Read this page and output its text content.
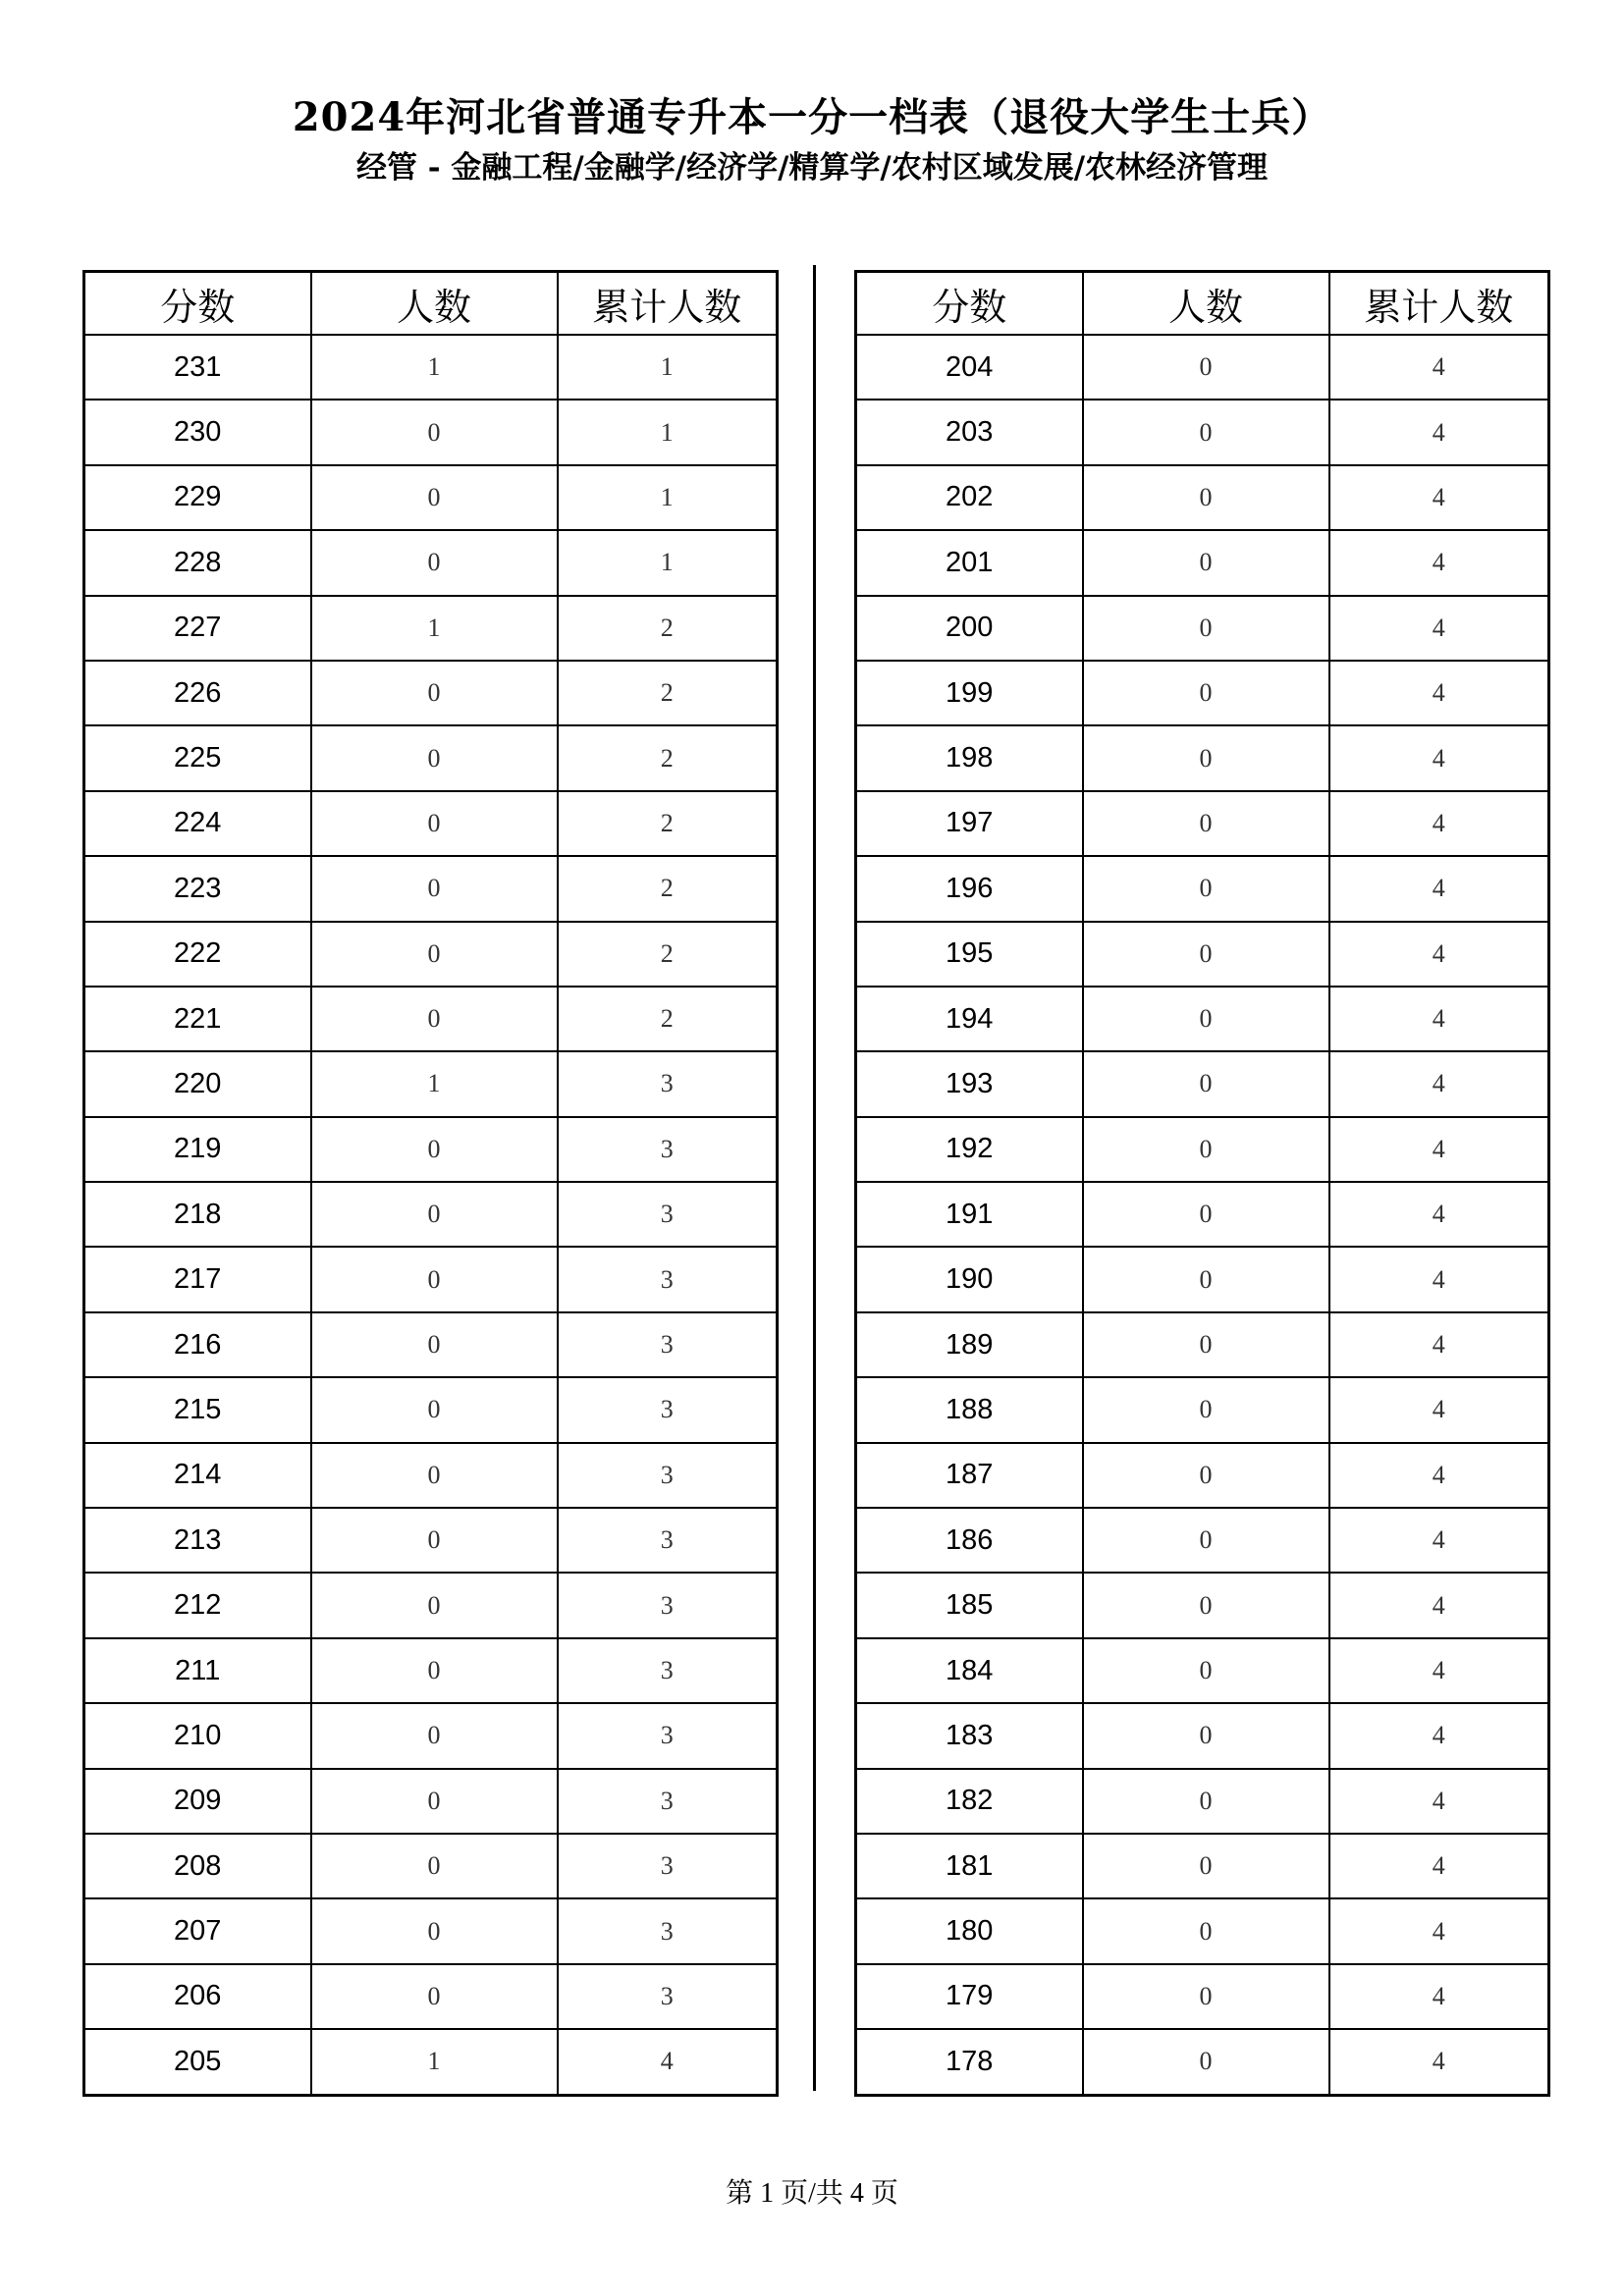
2024年河北省普通专升本一分一档表（退役大学生士兵）
经管 - 金融工程/金融学/经济学/精算学/农村区域发展/农林经济管理
分数	人数	累计人数
231	1	1
230	0	1
229	0	1
228	0	1
227	1	2
226	0	2
225	0	2
224	0	2
223	0	2
222	0	2
221	0	2
220	1	3
219	0	3
218	0	3
217	0	3
216	0	3
215	0	3
214	0	3
213	0	3
212	0	3
211	0	3
210	0	3
209	0	3
208	0	3
207	0	3
206	0	3
205	1	4
分数	人数	累计人数
204	0	4
203	0	4
202	0	4
201	0	4
200	0	4
199	0	4
198	0	4
197	0	4
196	0	4
195	0	4
194	0	4
193	0	4
192	0	4
191	0	4
190	0	4
189	0	4
188	0	4
187	0	4
186	0	4
185	0	4
184	0	4
183	0	4
182	0	4
181	0	4
180	0	4
179	0	4
178	0	4
第 1 页/共 4 页
